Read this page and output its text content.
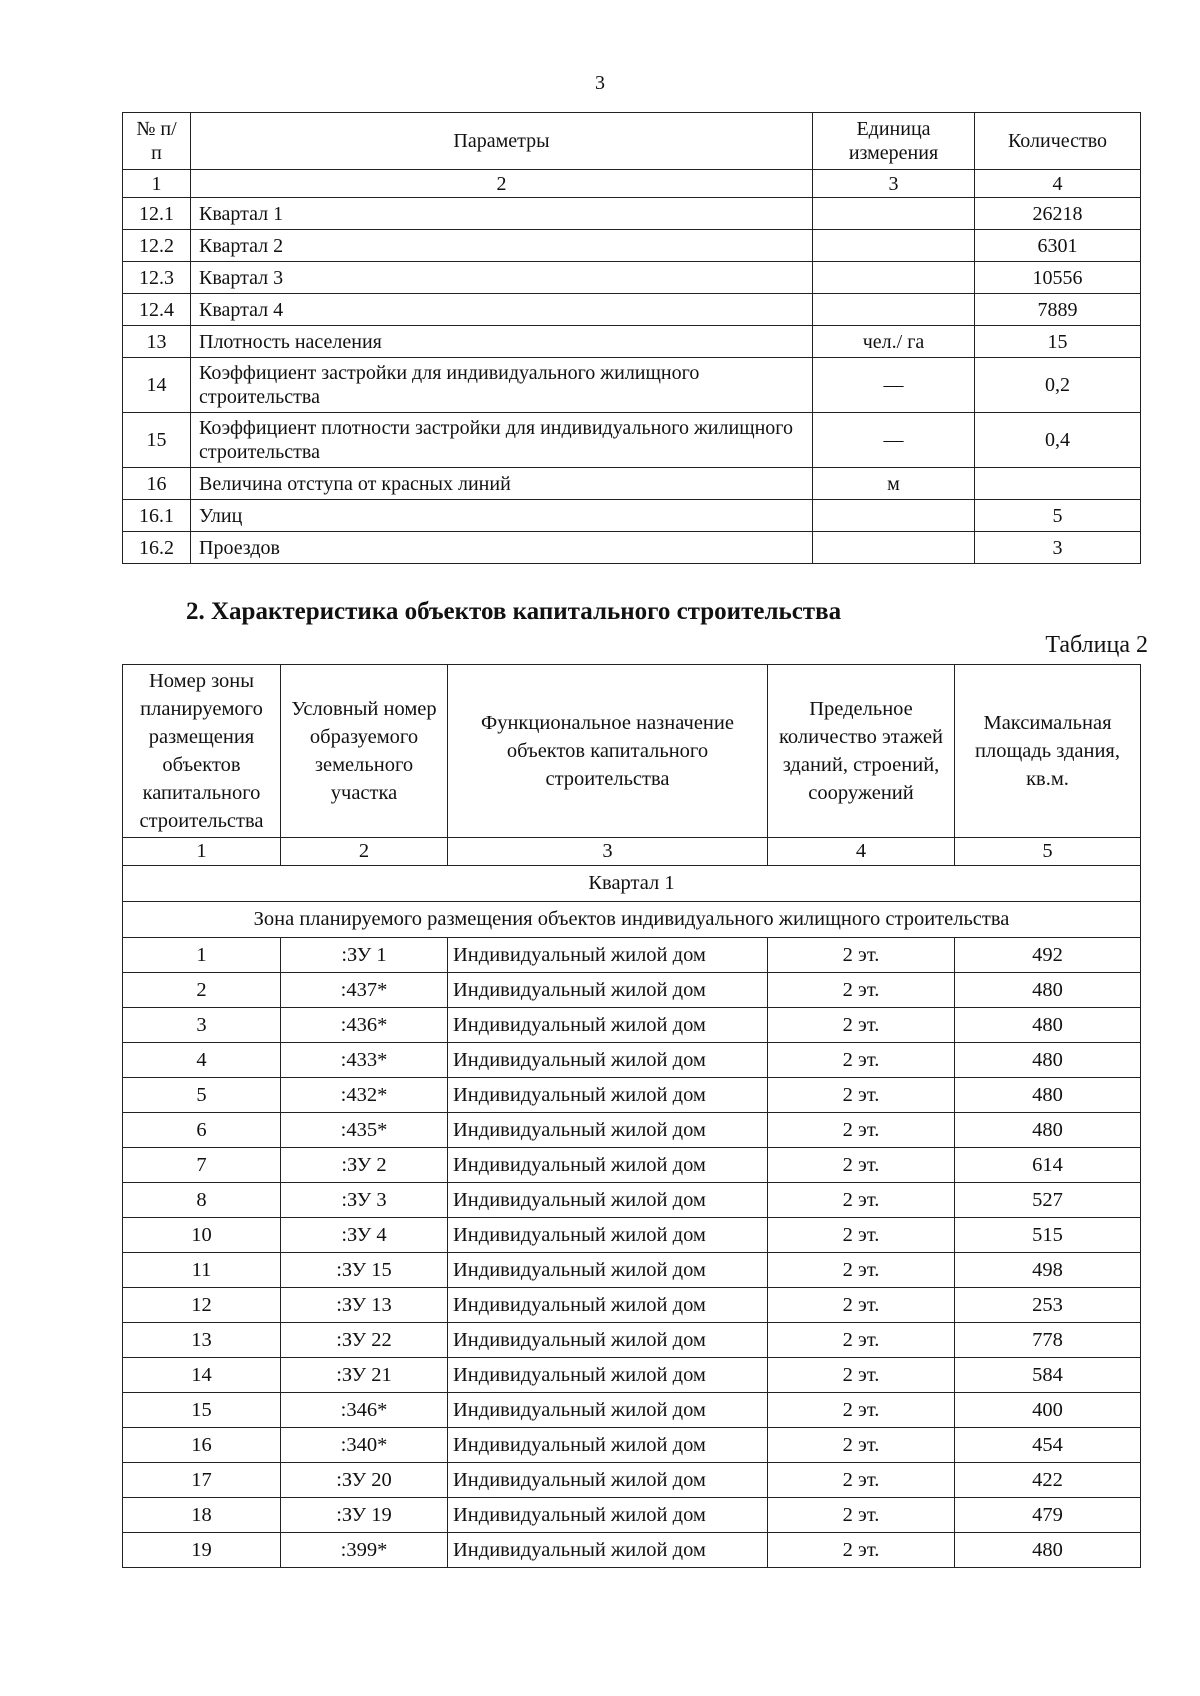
3
№ п/п	Параметры	Единица измерения	Количество
1	2	3	4
12.1	Квартал 1		26218
12.2	Квартал 2		6301
12.3	Квартал 3		10556
12.4	Квартал 4		7889
13	Плотность населения	чел./ га	15
14	Коэффициент застройки для индивидуального жилищного строительства	—	0,2
15	Коэффициент плотности застройки для индивидуального жилищного строительства	—	0,4
16	Величина отступа от красных линий	м	
16.1	Улиц		5
16.2	Проездов		3
2. Характеристика объектов капитального строительства
Таблица 2
Номер зоны планируемого размещения объектов капитального строительства	Условный номер образуемого земельного участка	Функциональное назначение объектов капитального строительства	Предельное количество этажей зданий, строений, сооружений	Максимальная площадь здания, кв.м.
1	2	3	4	5
Квартал 1				
Зона планируемого размещения объектов индивидуального жилищного строительства				
1	:ЗУ 1	Индивидуальный жилой дом	2 эт.	492
2	:437*	Индивидуальный жилой дом	2 эт.	480
3	:436*	Индивидуальный жилой дом	2 эт.	480
4	:433*	Индивидуальный жилой дом	2 эт.	480
5	:432*	Индивидуальный жилой дом	2 эт.	480
6	:435*	Индивидуальный жилой дом	2 эт.	480
7	:ЗУ 2	Индивидуальный жилой дом	2 эт.	614
8	:ЗУ 3	Индивидуальный жилой дом	2 эт.	527
10	:ЗУ 4	Индивидуальный жилой дом	2 эт.	515
11	:ЗУ 15	Индивидуальный жилой дом	2 эт.	498
12	:ЗУ 13	Индивидуальный жилой дом	2 эт.	253
13	:ЗУ 22	Индивидуальный жилой дом	2 эт.	778
14	:ЗУ 21	Индивидуальный жилой дом	2 эт.	584
15	:346*	Индивидуальный жилой дом	2 эт.	400
16	:340*	Индивидуальный жилой дом	2 эт.	454
17	:ЗУ 20	Индивидуальный жилой дом	2 эт.	422
18	:ЗУ 19	Индивидуальный жилой дом	2 эт.	479
19	:399*	Индивидуальный жилой дом	2 эт.	480
